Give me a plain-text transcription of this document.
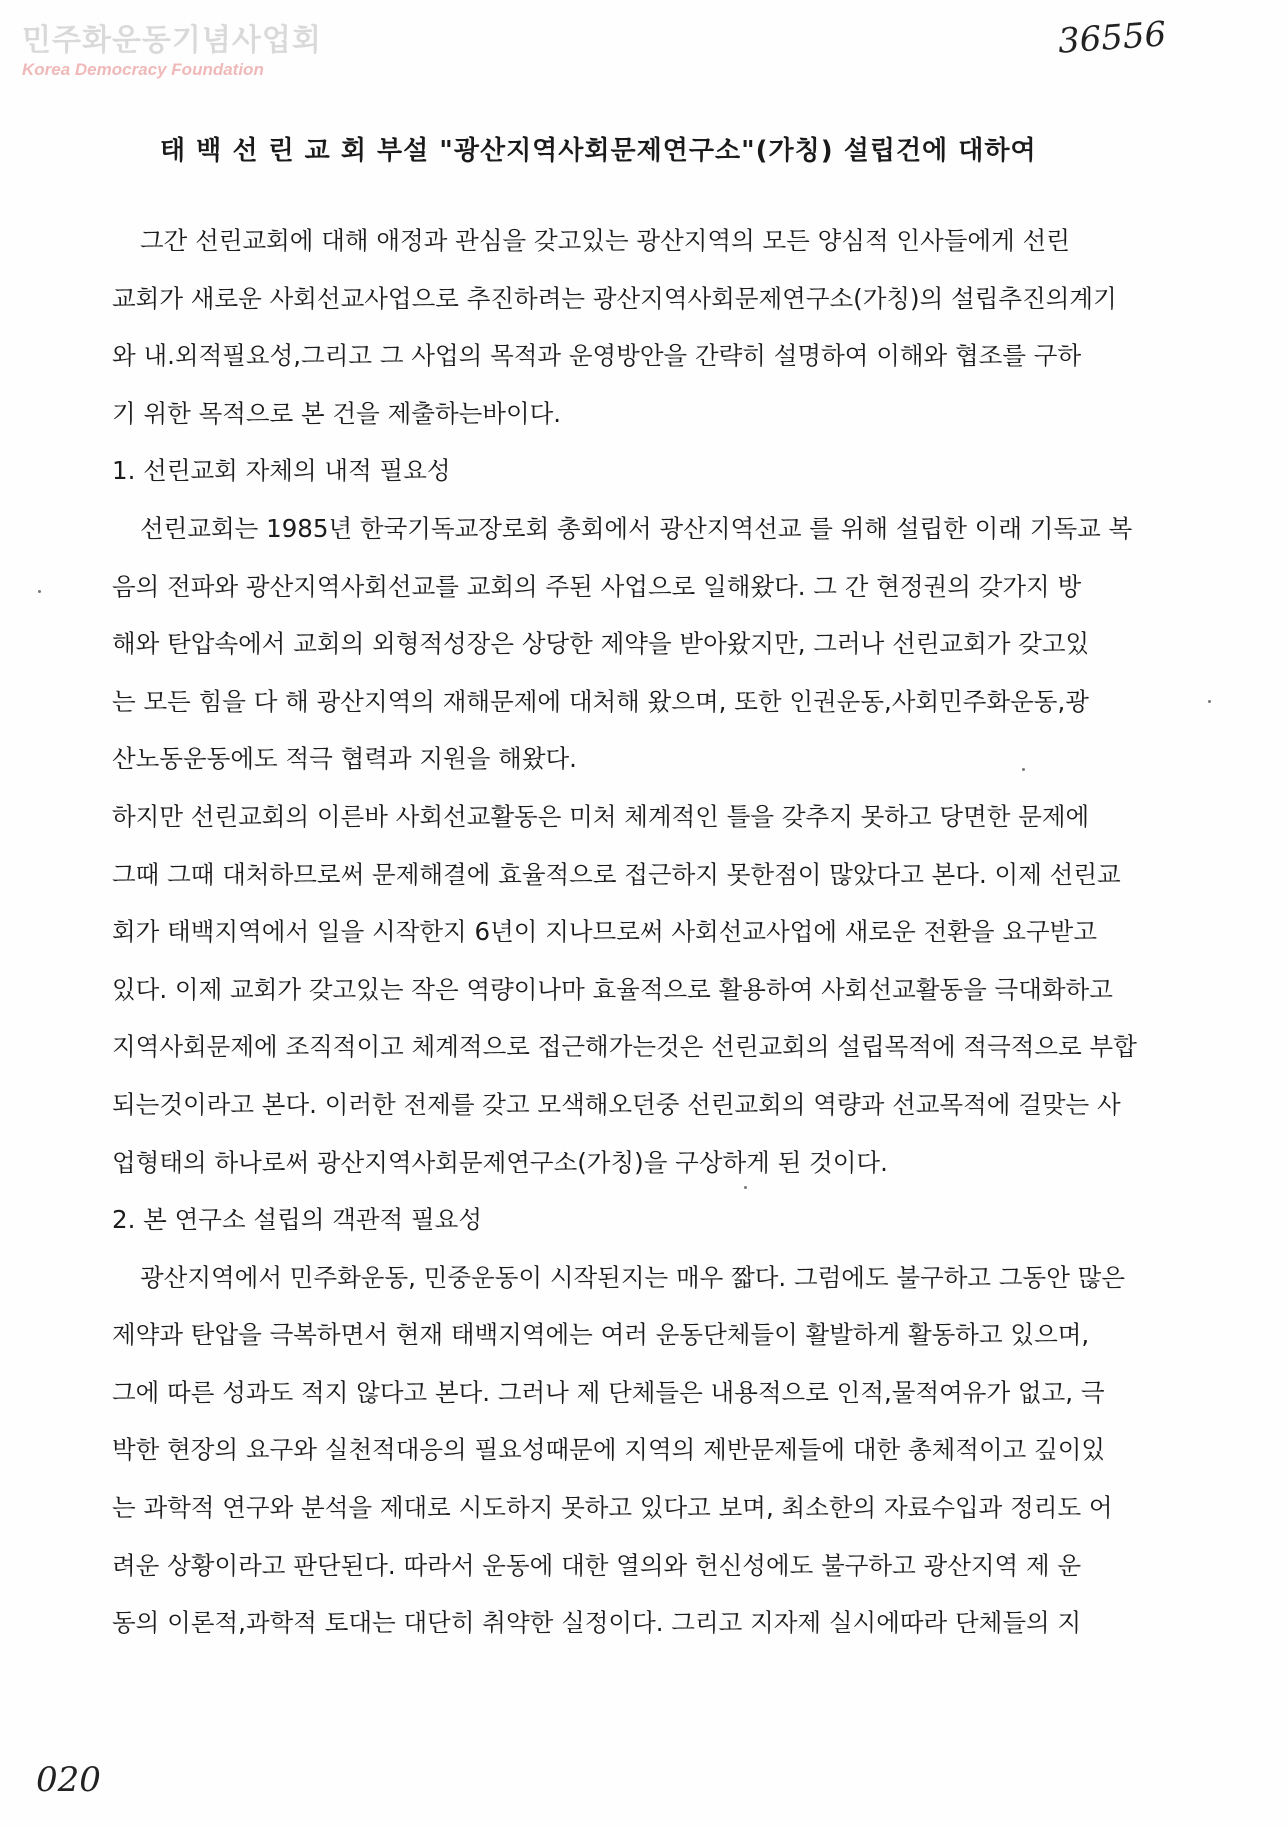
민주화운동기념사업회
Korea Democracy Foundation
36556
태 백 선 린 교 회 부설 "광산지역사회문제연구소"(가칭) 설립건에 대하여
그간 선린교회에 대해 애정과 관심을 갖고있는 광산지역의 모든 양심적 인사들에게 선린
교회가 새로운 사회선교사업으로 추진하려는 광산지역사회문제연구소(가칭)의 설립추진의계기
와 내.외적필요성,그리고 그 사업의 목적과 운영방안을 간략히 설명하여 이해와 협조를 구하
기 위한 목적으로 본 건을 제출하는바이다.
1. 선린교회 자체의 내적 필요성
선린교회는 1985년 한국기독교장로회 총회에서 광산지역선교 를 위해 설립한 이래 기독교 복
음의 전파와 광산지역사회선교를 교회의 주된 사업으로 일해왔다. 그 간 현정권의 갖가지 방
해와 탄압속에서 교회의 외형적성장은 상당한 제약을 받아왔지만, 그러나 선린교회가 갖고있
는 모든 힘을 다 해 광산지역의 재해문제에 대처해 왔으며, 또한 인권운동,사회민주화운동,광
산노동운동에도 적극 협력과 지원을 해왔다.
하지만 선린교회의 이른바 사회선교활동은 미처 체계적인 틀을 갖추지 못하고 당면한 문제에
그때 그때 대처하므로써 문제해결에 효율적으로 접근하지 못한점이 많았다고 본다. 이제 선린교
회가 태백지역에서 일을 시작한지 6년이 지나므로써 사회선교사업에 새로운 전환을 요구받고
있다. 이제 교회가 갖고있는 작은 역량이나마 효율적으로 활용하여 사회선교활동을 극대화하고
지역사회문제에 조직적이고 체계적으로 접근해가는것은 선린교회의 설립목적에 적극적으로 부합
되는것이라고 본다. 이러한 전제를 갖고 모색해오던중 선린교회의 역량과 선교목적에 걸맞는 사
업형태의 하나로써 광산지역사회문제연구소(가칭)을 구상하게 된 것이다.
2. 본 연구소 설립의 객관적 필요성
광산지역에서 민주화운동, 민중운동이 시작된지는 매우 짧다. 그럼에도 불구하고 그동안 많은
제약과 탄압을 극복하면서 현재 태백지역에는 여러 운동단체들이 활발하게 활동하고 있으며,
그에 따른 성과도 적지 않다고 본다. 그러나 제 단체들은 내용적으로 인적,물적여유가 없고, 극
박한 현장의 요구와 실천적대응의 필요성때문에 지역의 제반문제들에 대한 총체적이고 깊이있
는 과학적 연구와 분석을 제대로 시도하지 못하고 있다고 보며, 최소한의 자료수입과 정리도 어
려운 상황이라고 판단된다. 따라서 운동에 대한 열의와 헌신성에도 불구하고 광산지역 제 운
동의 이론적,과학적 토대는 대단히 취약한 실정이다. 그리고 지자제 실시에따라 단체들의 지
020
